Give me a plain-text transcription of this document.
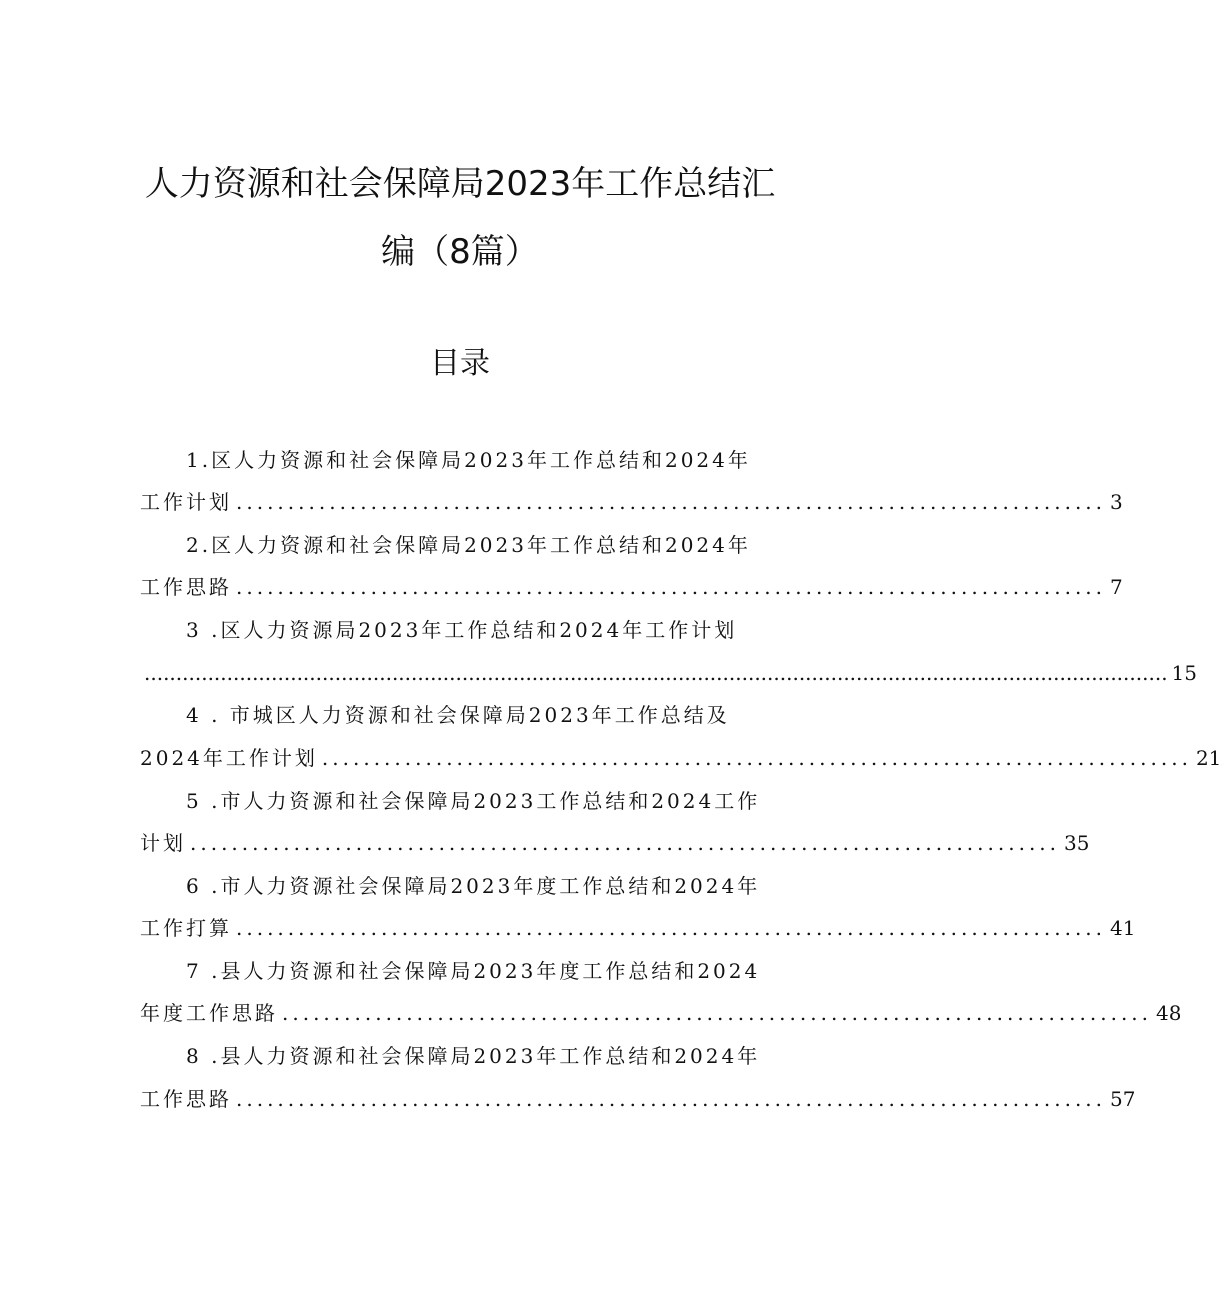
人力资源和社会保障局2023年工作总结汇
编（8篇）
目录
1.区人力资源和社会保障局2023年工作总结和2024年
工作计划 .................................................................................... 3
2.区人力资源和社会保障局2023年工作总结和2024年
工作思路 .................................................................................... 7
3 .区人力资源局2023年工作总结和2024年工作计划
................................................................................................................................................................. 15
4 . 市城区人力资源和社会保障局2023年工作总结及
2024年工作计划 .................................................................................... 21
5 .市人力资源和社会保障局2023工作总结和2024工作
计划 .................................................................................... 35
6 .市人力资源社会保障局2023年度工作总结和2024年
工作打算 .................................................................................... 41
7 .县人力资源和社会保障局2023年度工作总结和2024
年度工作思路 .................................................................................... 48
8 .县人力资源和社会保障局2023年工作总结和2024年
工作思路 .................................................................................... 57
